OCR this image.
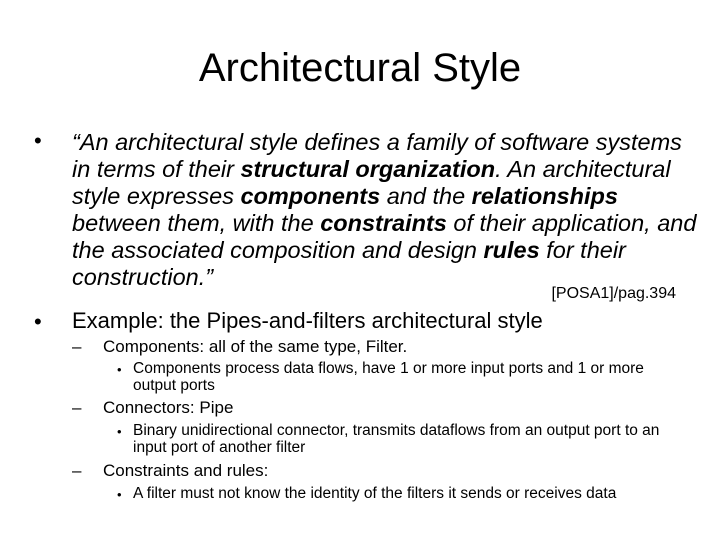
Architectural Style
• “An architectural style defines a family of software systems in terms of their structural organization. An architectural style expresses components and the relationships between them, with the constraints of their application, and the associated composition and design rules for their construction.”
[POSA1]/pag.394
• Example: the Pipes-and-filters architectural style
– Components: all of the same type, Filter.
• Components process data flows, have 1 or more input ports and 1 or more output ports
– Connectors: Pipe
• Binary unidirectional connector, transmits dataflows from an output port to an input port of another filter
– Constraints and rules:
• A filter must not know the identity of the filters it sends or receives data
